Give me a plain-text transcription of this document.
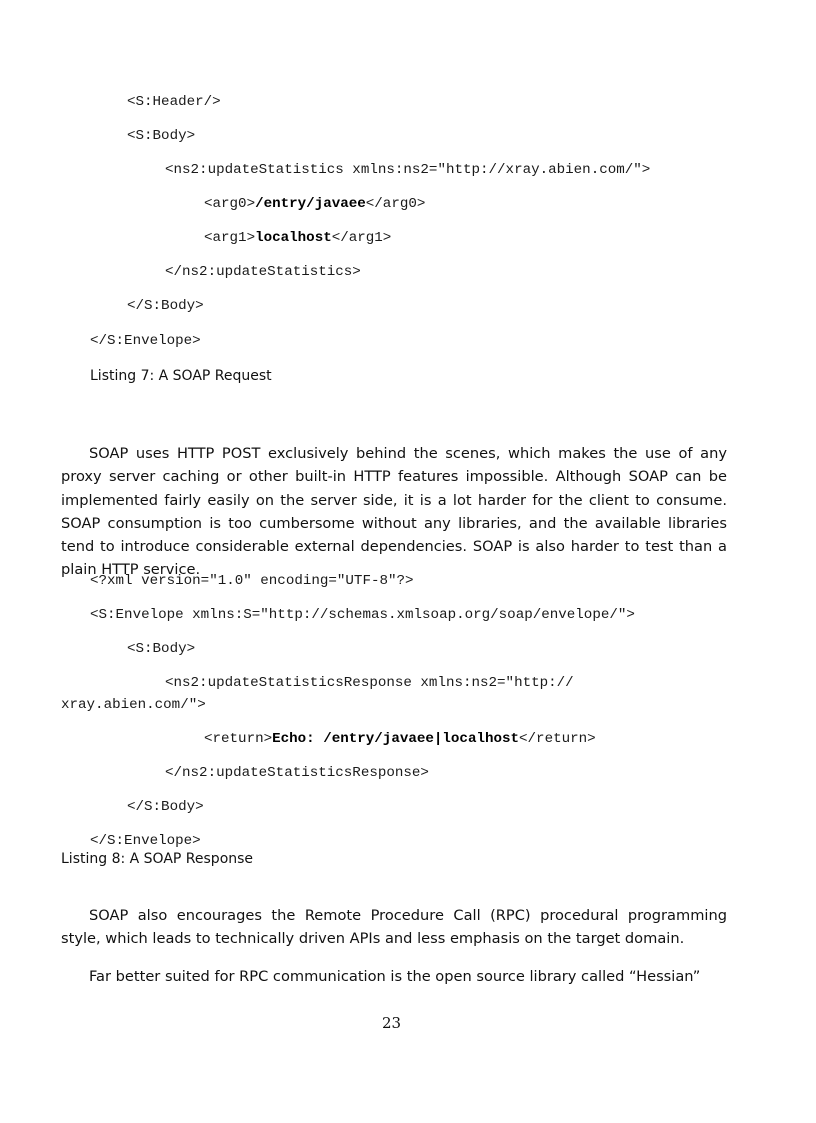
<S:Header/>
<S:Body>
<ns2:updateStatistics xmlns:ns2="http://xray.abien.com/">
<arg0>/entry/javaee</arg0>
<arg1>localhost</arg1>
</ns2:updateStatistics>
</S:Body>
</S:Envelope>
Listing 7: A SOAP Request

SOAP uses HTTP POST exclusively behind the scenes, which makes the use of any proxy server caching or other built-in HTTP features impossible. Although SOAP can be implemented fairly easily on the server side, it is a lot harder for the client to consume. SOAP consumption is too cumbersome without any libraries, and the available libraries tend to introduce considerable external dependencies. SOAP is also harder to test than a plain HTTP service.

<?xml version="1.0" encoding="UTF-8"?>
<S:Envelope xmlns:S="http://schemas.xmlsoap.org/soap/envelope/">
<S:Body>
<ns2:updateStatisticsResponse xmlns:ns2="http://
xray.abien.com/">
<return>Echo: /entry/javaee|localhost</return>
</ns2:updateStatisticsResponse>
</S:Body>
</S:Envelope>
Listing 8: A SOAP Response

SOAP also encourages the Remote Procedure Call (RPC) procedural programming style, which leads to technically driven APIs and less emphasis on the target domain.

Far better suited for RPC communication is the open source library called “Hessian”

23
